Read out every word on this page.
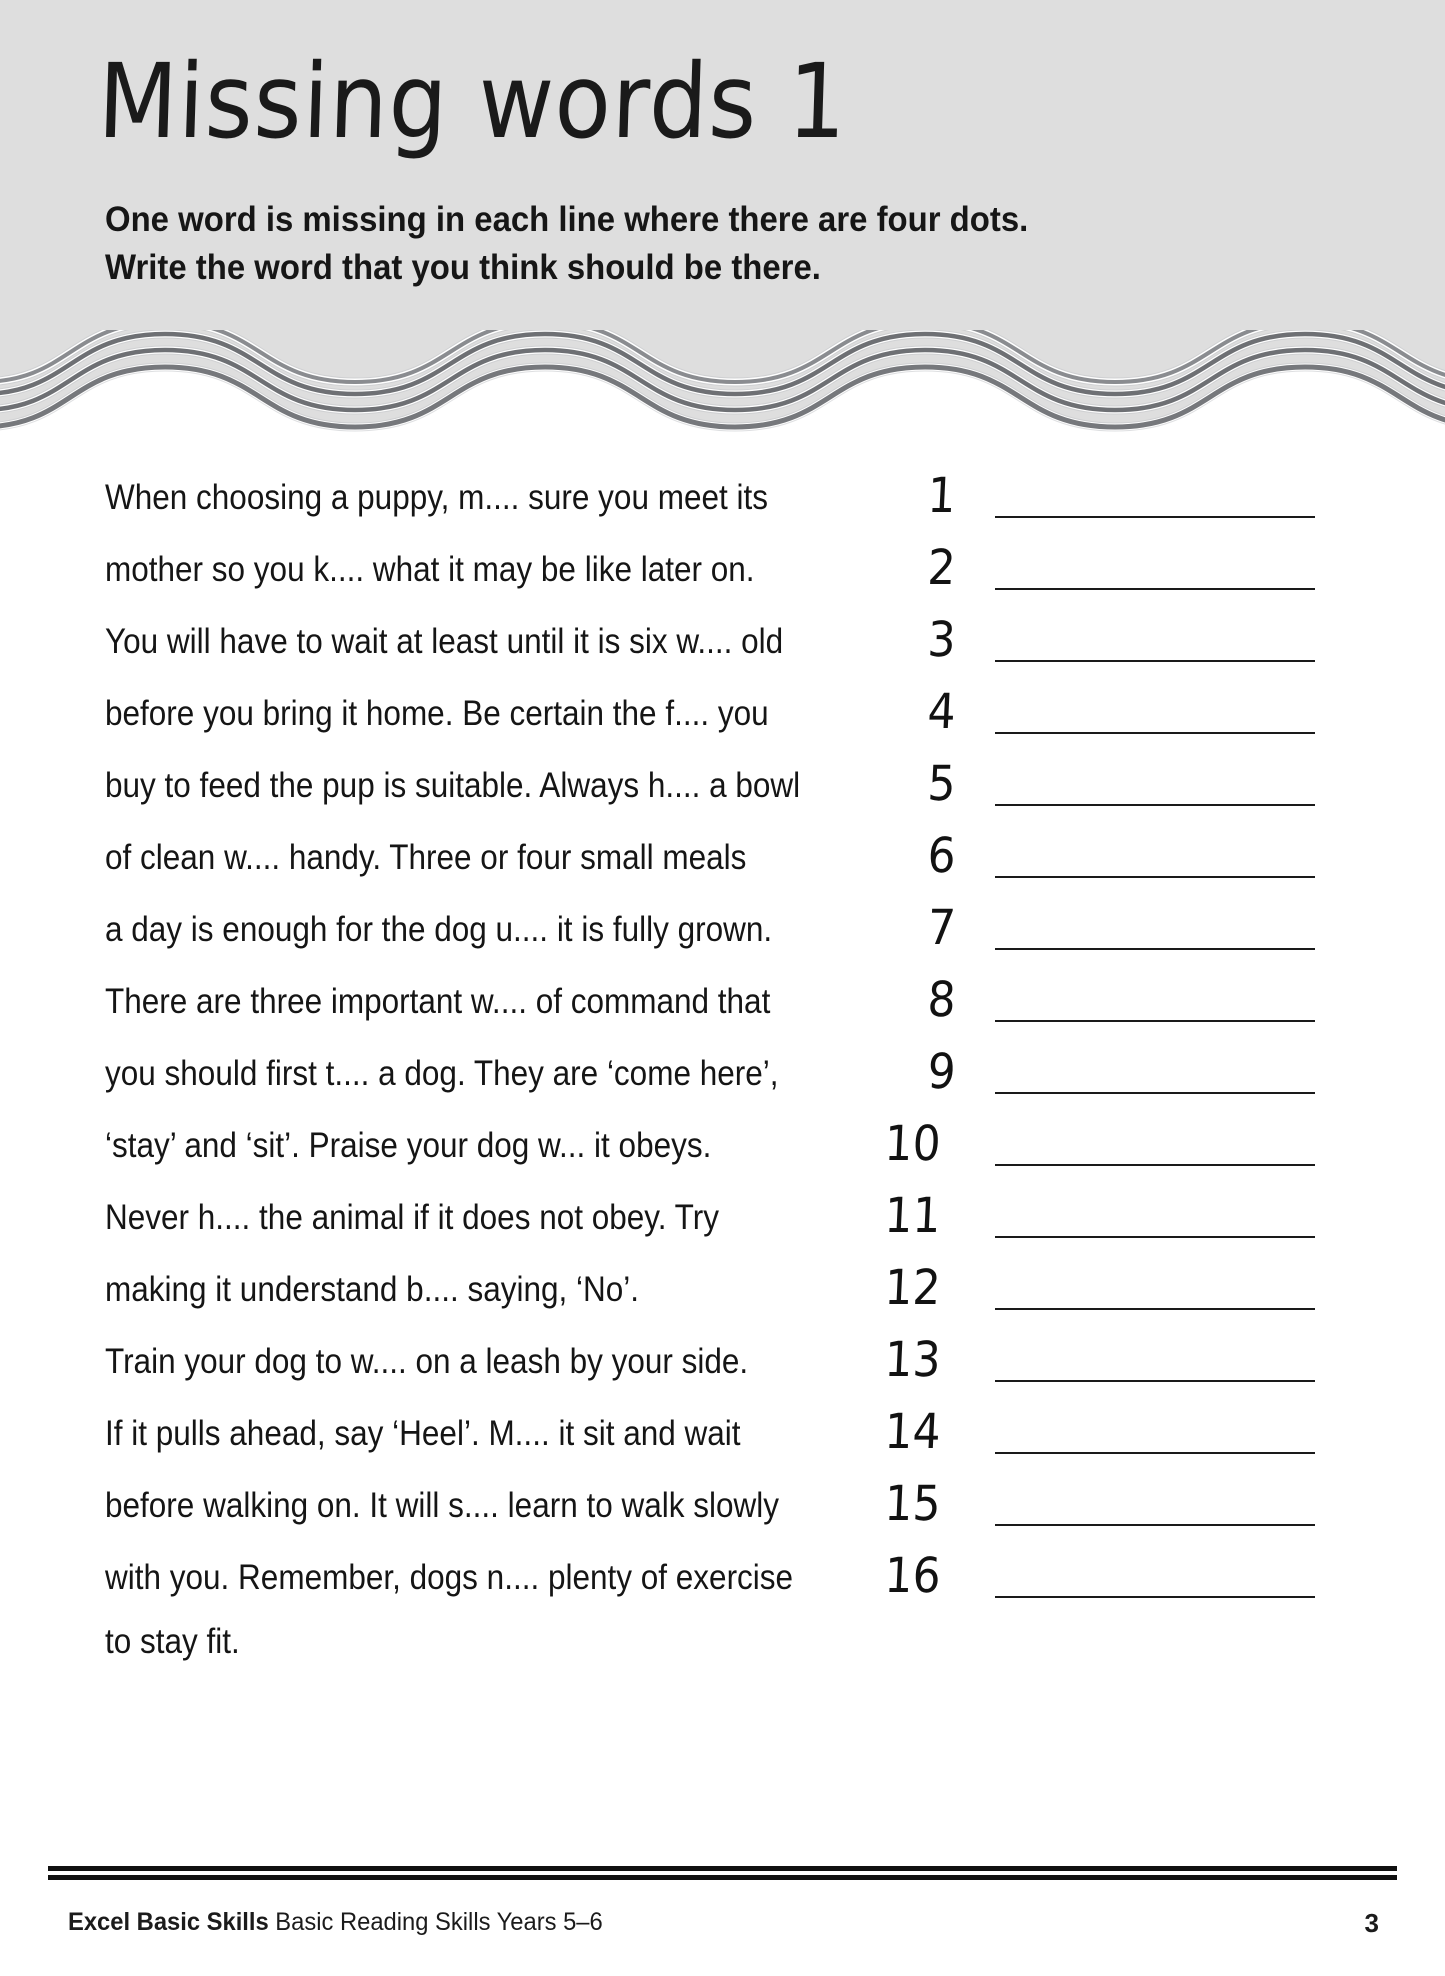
Missing words 1
One word is missing in each line where there are four dots. Write the word that you think should be there.
When choosing a puppy, m.... sure you meet its	1
mother so you k.... what it may be like later on.	2
You will have to wait at least until it is six w.... old	3
before you bring it home. Be certain the f.... you	4
buy to feed the pup is suitable. Always h.... a bowl	5
of clean w.... handy. Three or four small meals	6
a day is enough for the dog u.... it is fully grown.	7
There are three important w.... of command that	8
you should first t.... a dog. They are ‘come here’,	9
‘stay’ and ‘sit’. Praise your dog w... it obeys.	10
Never h.... the animal if it does not obey. Try	11
making it understand b.... saying, ‘No’.	12
Train your dog to w.... on a leash by your side.	13
If it pulls ahead, say ‘Heel’. M.... it sit and wait	14
before walking on. It will s.... learn to walk slowly	15
with you. Remember, dogs n.... plenty of exercise	16
to stay fit.
Excel Basic Skills Basic Reading Skills Years 5–6	3
